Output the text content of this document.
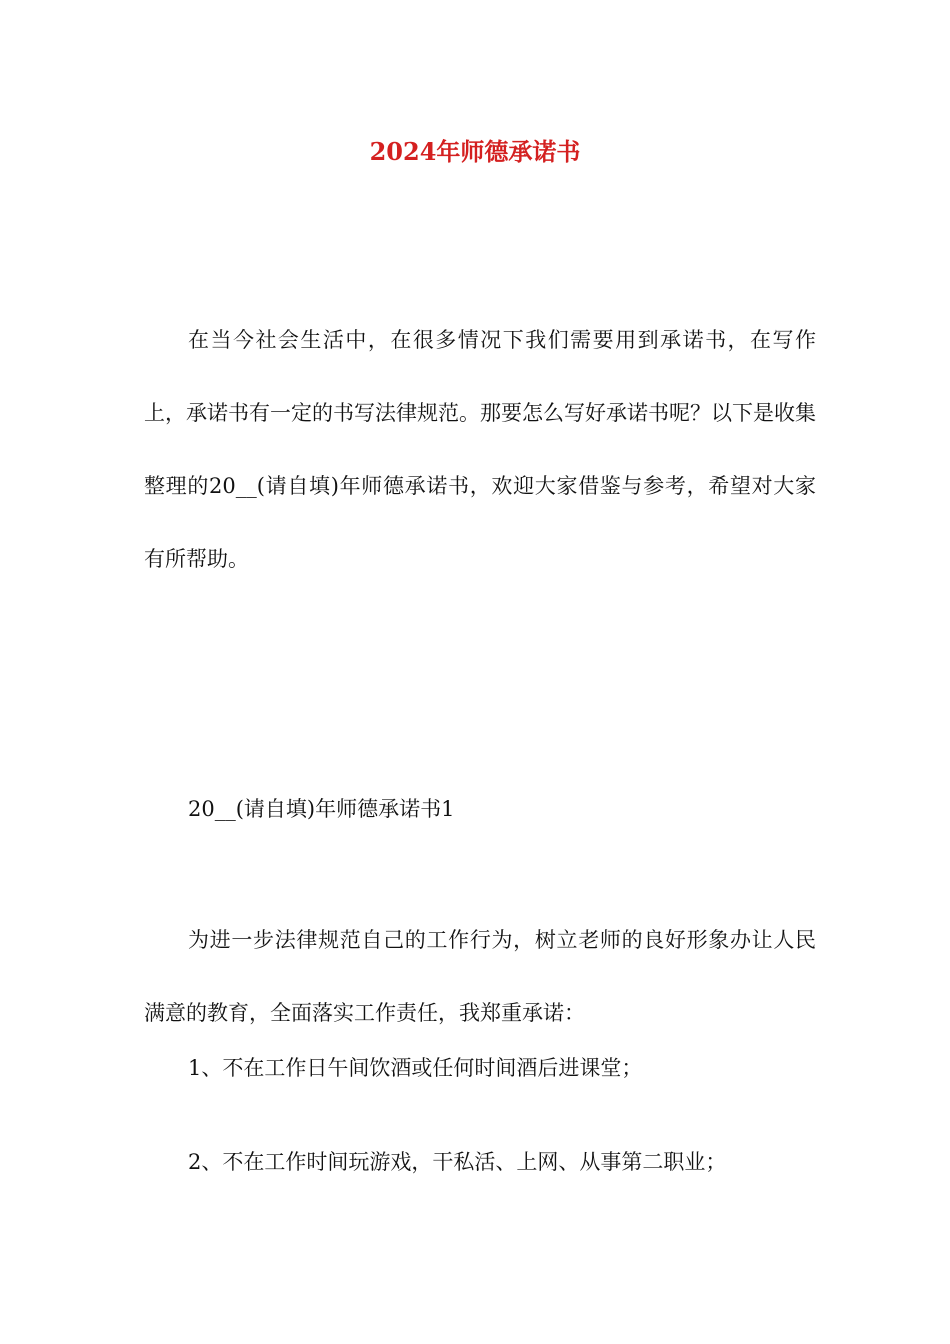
2024年师德承诺书

在当今社会生活中，在很多情况下我们需要用到承诺书，在写作上，承诺书有一定的书写法律规范。那要怎么写好承诺书呢？以下是收集整理的20__(请自填)年师德承诺书，欢迎大家借鉴与参考，希望对大家有所帮助。

20__(请自填)年师德承诺书1

为进一步法律规范自己的工作行为，树立老师的良好形象办让人民满意的教育，全面落实工作责任，我郑重承诺：

1、不在工作日午间饮酒或任何时间酒后进课堂；

2、不在工作时间玩游戏，干私活、上网、从事第二职业；
